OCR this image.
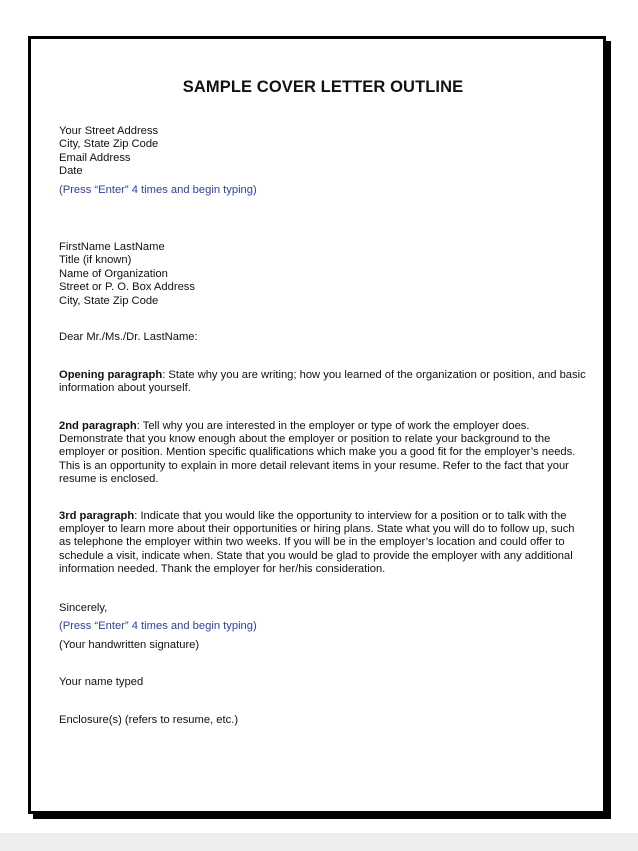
SAMPLE COVER LETTER OUTLINE
Your Street Address
City, State Zip Code
Email Address
Date
(Press “Enter” 4 times and begin typing)
FirstName LastName
Title (if known)
Name of Organization
Street or P. O. Box Address
City, State Zip Code
Dear Mr./Ms./Dr. LastName:
Opening paragraph: State why you are writing; how you learned of the organization or position, and basic information about yourself.
2nd paragraph: Tell why you are interested in the employer or type of work the employer does. Demonstrate that you know enough about the employer or position to relate your background to the employer or position. Mention specific qualifications which make you a good fit for the employer’s needs. This is an opportunity to explain in more detail relevant items in your resume. Refer to the fact that your resume is enclosed.
3rd paragraph: Indicate that you would like the opportunity to interview for a position or to talk with the employer to learn more about their opportunities or hiring plans. State what you will do to follow up, such as telephone the employer within two weeks. If you will be in the employer’s location and could offer to schedule a visit, indicate when. State that you would be glad to provide the employer with any additional information needed. Thank the employer for her/his consideration.
Sincerely,
(Press “Enter” 4 times and begin typing)
(Your handwritten signature)
Your name typed
Enclosure(s) (refers to resume, etc.)
